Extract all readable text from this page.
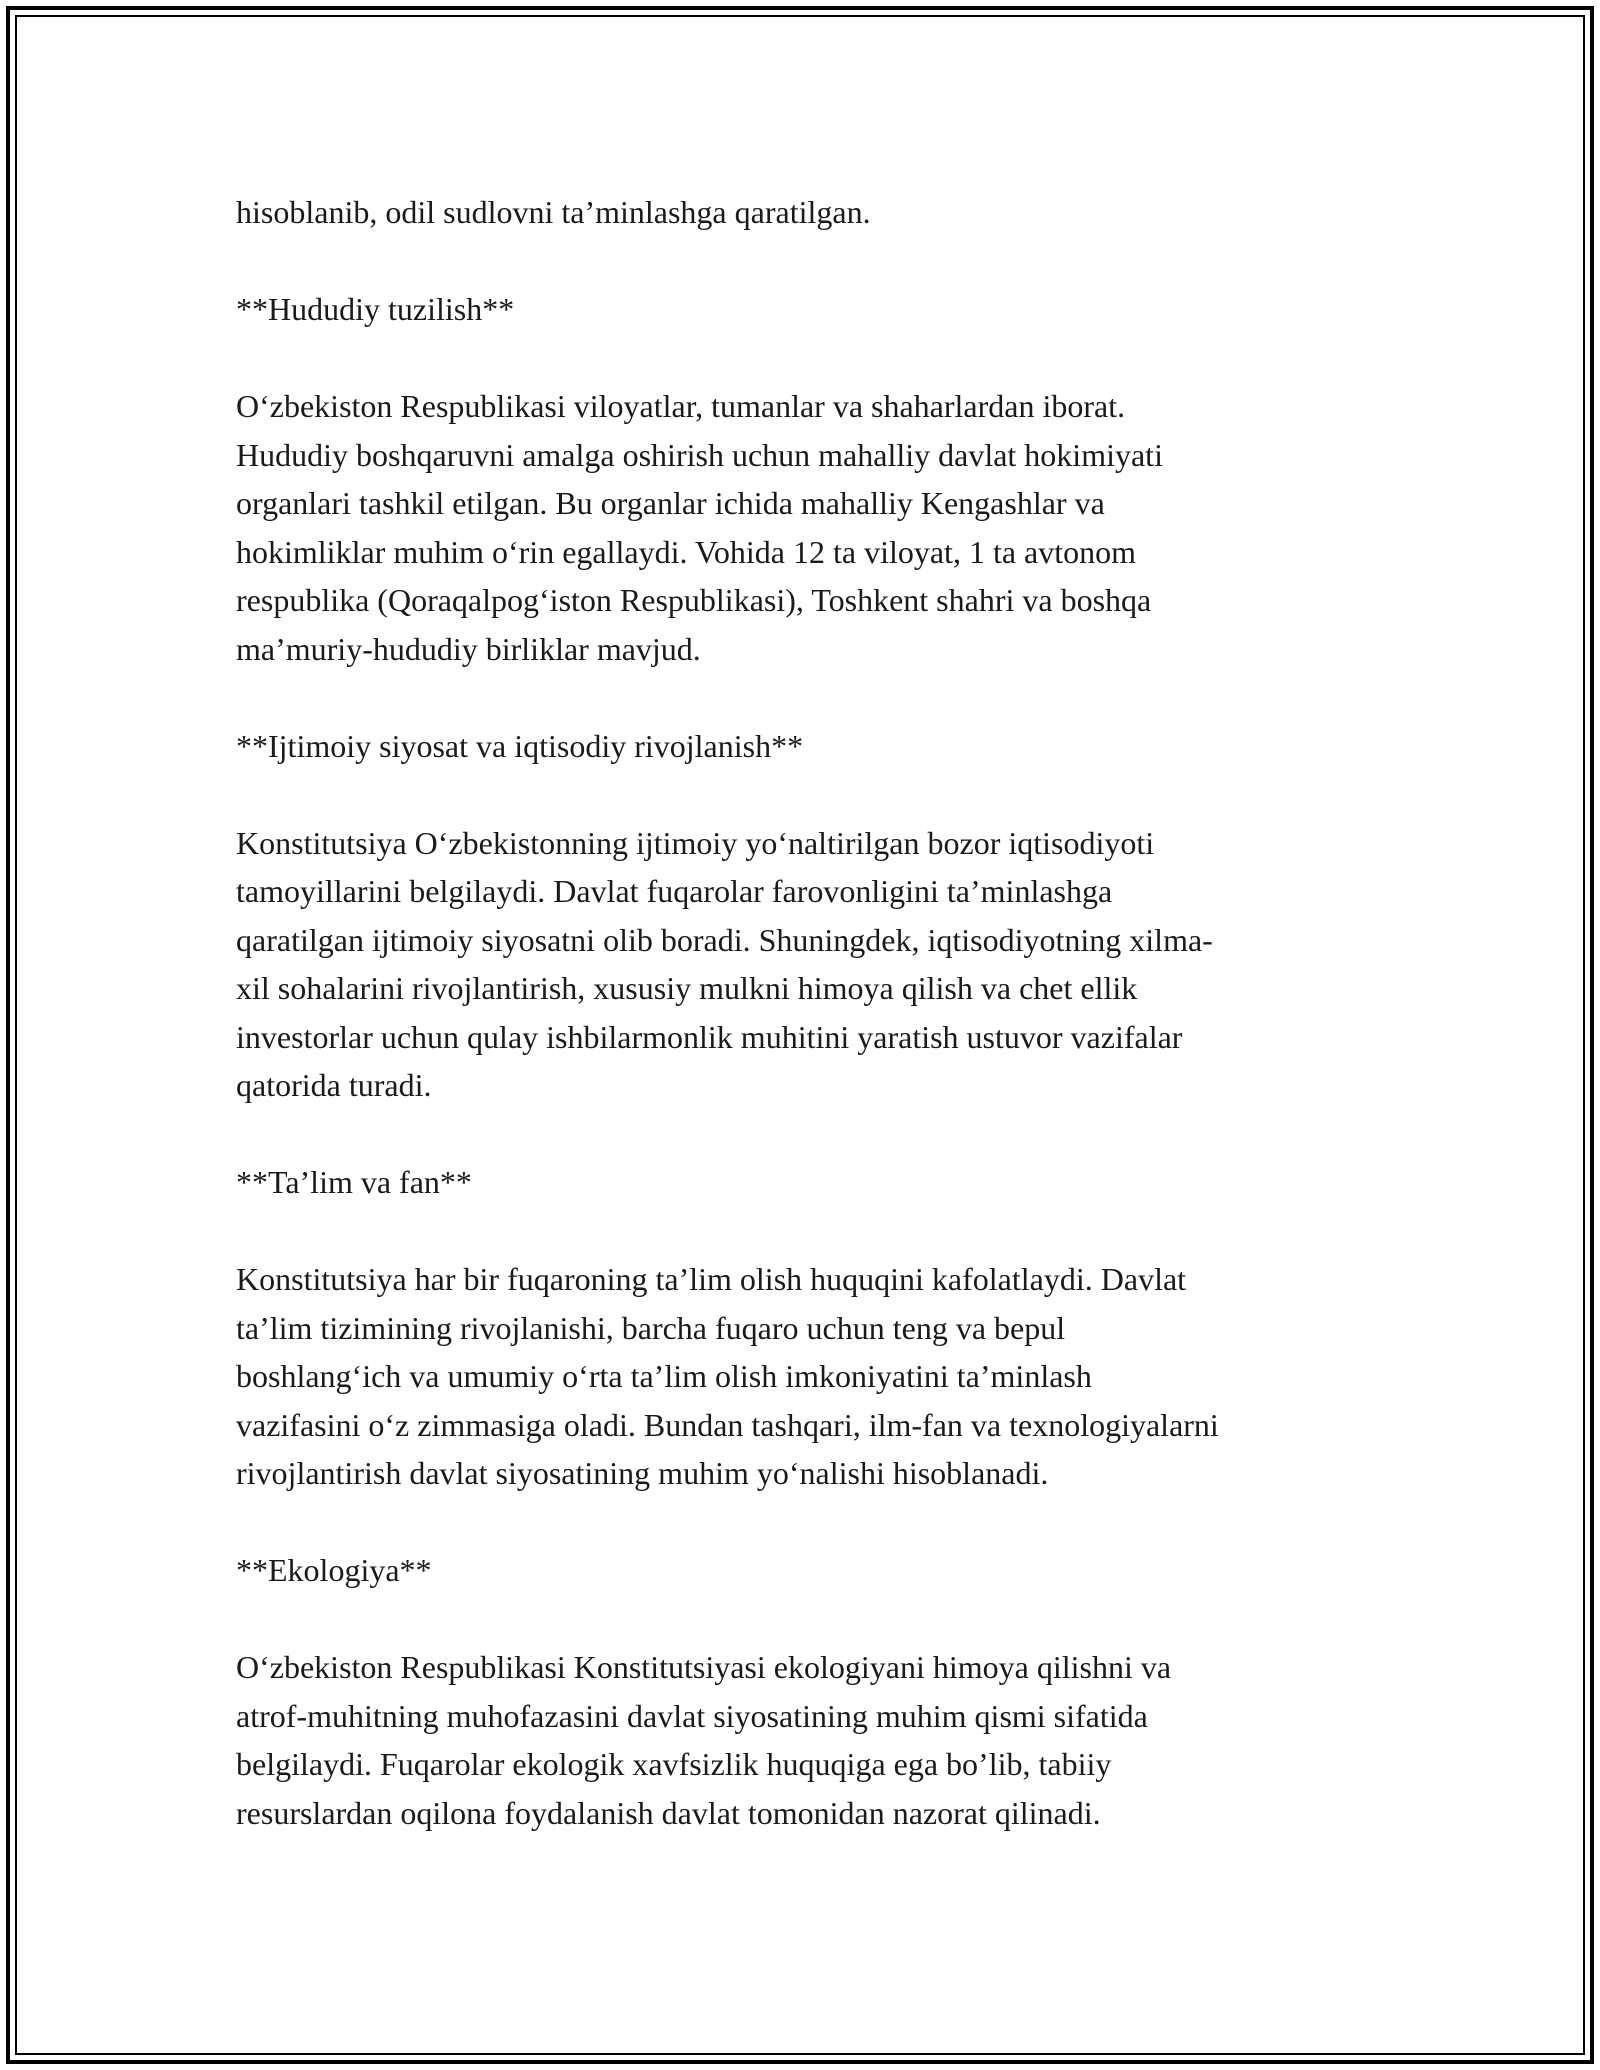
hisoblanib, odil sudlovni ta’minlashga qaratilgan.

**Hududiy tuzilish**

O‘zbekiston Respublikasi viloyatlar, tumanlar va shaharlardan iborat.

Hududiy boshqaruvni amalga oshirish uchun mahalliy davlat hokimiyati

organlari tashkil etilgan. Bu organlar ichida mahalliy Kengashlar va

hokimliklar muhim o‘rin egallaydi. Vohida 12 ta viloyat, 1 ta avtonom

respublika (Qoraqalpog‘iston Respublikasi), Toshkent shahri va boshqa

ma’muriy-hududiy birliklar mavjud.

**Ijtimoiy siyosat va iqtisodiy rivojlanish**

Konstitutsiya O‘zbekistonning ijtimoiy yo‘naltirilgan bozor iqtisodiyoti

tamoyillarini belgilaydi. Davlat fuqarolar farovonligini ta’minlashga

qaratilgan ijtimoiy siyosatni olib boradi. Shuningdek, iqtisodiyotning xilma-

xil sohalarini rivojlantirish, xususiy mulkni himoya qilish va chet ellik

investorlar uchun qulay ishbilarmonlik muhitini yaratish ustuvor vazifalar

qatorida turadi.

**Ta’lim va fan**

Konstitutsiya har bir fuqaroning ta’lim olish huquqini kafolatlaydi. Davlat

ta’lim tizimining rivojlanishi, barcha fuqaro uchun teng va bepul

boshlang‘ich va umumiy o‘rta ta’lim olish imkoniyatini ta’minlash

vazifasini o‘z zimmasiga oladi. Bundan tashqari, ilm-fan va texnologiyalarni

rivojlantirish davlat siyosatining muhim yo‘nalishi hisoblanadi.

**Ekologiya**

O‘zbekiston Respublikasi Konstitutsiyasi ekologiyani himoya qilishni va

atrof-muhitning muhofazasini davlat siyosatining muhim qismi sifatida

belgilaydi. Fuqarolar ekologik xavfsizlik huquqiga ega bo’lib, tabiiy

resurslardan oqilona foydalanish davlat tomonidan nazorat qilinadi.
